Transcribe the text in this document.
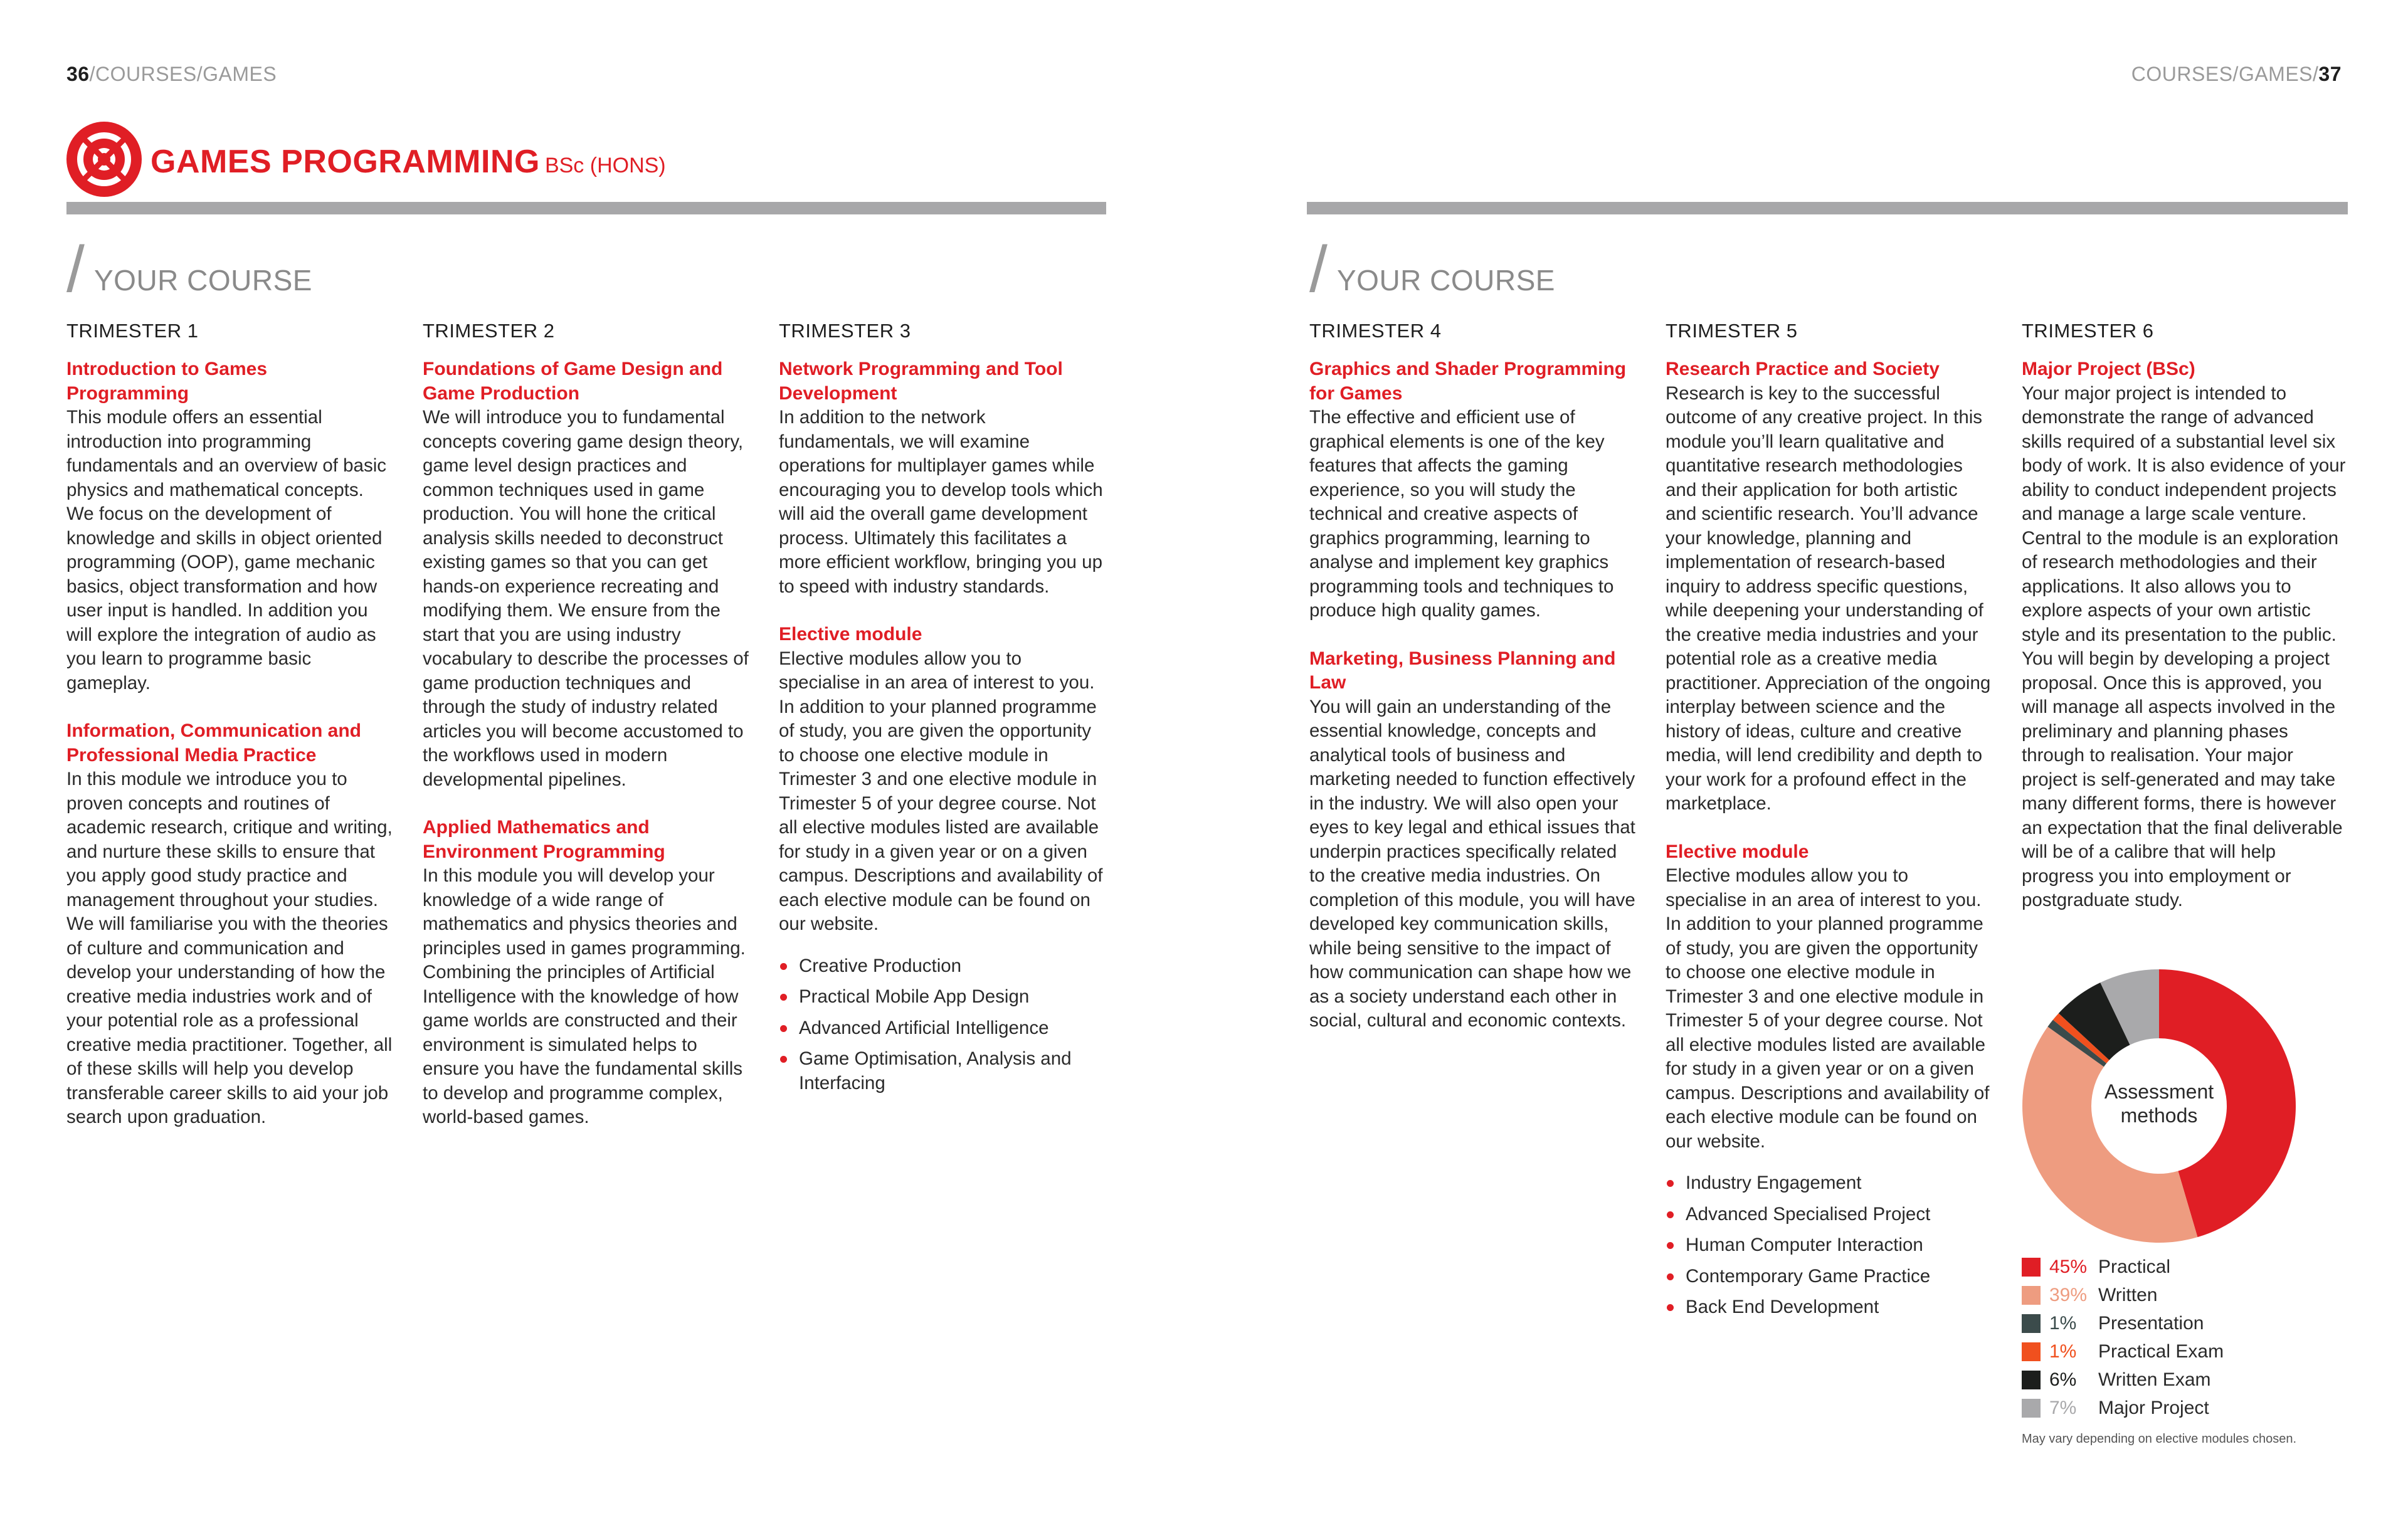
36/COURSES/GAMES	COURSES/GAMES/37
GAMES PROGRAMMING BSc (HONS)
/ YOUR COURSE	/ YOUR COURSE
TRIMESTER 1
Introduction to Games Programming

This module offers an essential introduction into programming fundamentals and an overview of basic physics and mathematical concepts. We focus on the development of knowledge and skills in object oriented programming (OOP), game mechanic basics, object transformation and how user input is handled. In addition you will explore the integration of audio as you learn to programme basic gameplay.

Information, Communication and Professional Media Practice

In this module we introduce you to proven concepts and routines of academic research, critique and writing, and nurture these skills to ensure that you apply good study practice and management throughout your studies. We will familiarise you with the theories of culture and communication and develop your understanding of how the creative media industries work and of your potential role as a professional creative media practitioner. Together, all of these skills will help you develop transferable career skills to aid your job search upon graduation.

TRIMESTER 2
Foundations of Game Design and Game Production

We will introduce you to fundamental concepts covering game design theory, game level design practices and common techniques used in game production. You will hone the critical analysis skills needed to deconstruct existing games so that you can get hands-on experience recreating and modifying them. We ensure from the start that you are using industry vocabulary to describe the processes of game production techniques and through the study of industry related articles you will become accustomed to the workflows used in modern developmental pipelines.

Applied Mathematics and Environment Programming

In this module you will develop your knowledge of a wide range of mathematics and physics theories and principles used in games programming. Combining the principles of Artificial Intelligence with the knowledge of how game worlds are constructed and their environment is simulated helps to ensure you have the fundamental skills to develop and programme complex, world-based games.

TRIMESTER 3
Network Programming and Tool Development

In addition to the network fundamentals, we will examine operations for multiplayer games while encouraging you to develop tools which will aid the overall game development process. Ultimately this facilitates a more efficient workflow, bringing you up to speed with industry standards.

Elective module

Elective modules allow you to specialise in an area of interest to you. In addition to your planned programme of study, you are given the opportunity to choose one elective module in Trimester 3 and one elective module in Trimester 5 of your degree course. Not all elective modules listed are available for study in a given year or on a given campus. Descriptions and availability of each elective module can be found on our website.

Creative Production
Practical Mobile App Design
Advanced Artificial Intelligence
Game Optimisation, Analysis and Interfacing
TRIMESTER 4
Graphics and Shader Programming for Games

The effective and efficient use of graphical elements is one of the key features that affects the gaming experience, so you will study the technical and creative aspects of graphics programming, learning to analyse and implement key graphics programming tools and techniques to produce high quality games.

Marketing, Business Planning and Law

You will gain an understanding of the essential knowledge, concepts and analytical tools of business and marketing needed to function effectively in the industry. We will also open your eyes to key legal and ethical issues that underpin practices specifically related to the creative media industries. On completion of this module, you will have developed key communication skills, while being sensitive to the impact of how communication can shape how we as a society understand each other in social, cultural and economic contexts.

TRIMESTER 5
Research Practice and Society

Research is key to the successful outcome of any creative project. In this module you’ll learn qualitative and quantitative research methodologies and their application for both artistic and scientific research. You’ll advance your knowledge, planning and implementation of research-based inquiry to address specific questions, while deepening your understanding of the creative media industries and your potential role as a creative media practitioner. Appreciation of the ongoing interplay between science and the history of ideas, culture and creative media, will lend credibility and depth to your work for a profound effect in the marketplace.

Elective module

Elective modules allow you to specialise in an area of interest to you. In addition to your planned programme of study, you are given the opportunity to choose one elective module in Trimester 3 and one elective module in Trimester 5 of your degree course. Not all elective modules listed are available for study in a given year or on a given campus. Descriptions and availability of each elective module can be found on our website.

Industry Engagement
Advanced Specialised Project
Human Computer Interaction
Contemporary Game Practice
Back End Development
TRIMESTER 6
Major Project (BSc)

Your major project is intended to demonstrate the range of advanced skills required of a substantial level six body of work. It is also evidence of your ability to conduct independent projects and manage a large scale venture. Central to the module is an exploration of research methodologies and their applications. It also allows you to explore aspects of your own artistic style and its presentation to the public. You will begin by developing a project proposal. Once this is approved, you will manage all aspects involved in the preliminary and planning phases through to realisation. Your major project is self-generated and may take many different forms, there is however an expectation that the final deliverable will be of a calibre that will help progress you into employment or postgraduate study.

Assessment
methods
45% Practical
39% Written
1%	Presentation
1%	Practical Exam
6%	Written Exam
7%	Major Project
May vary depending on elective modules chosen.
